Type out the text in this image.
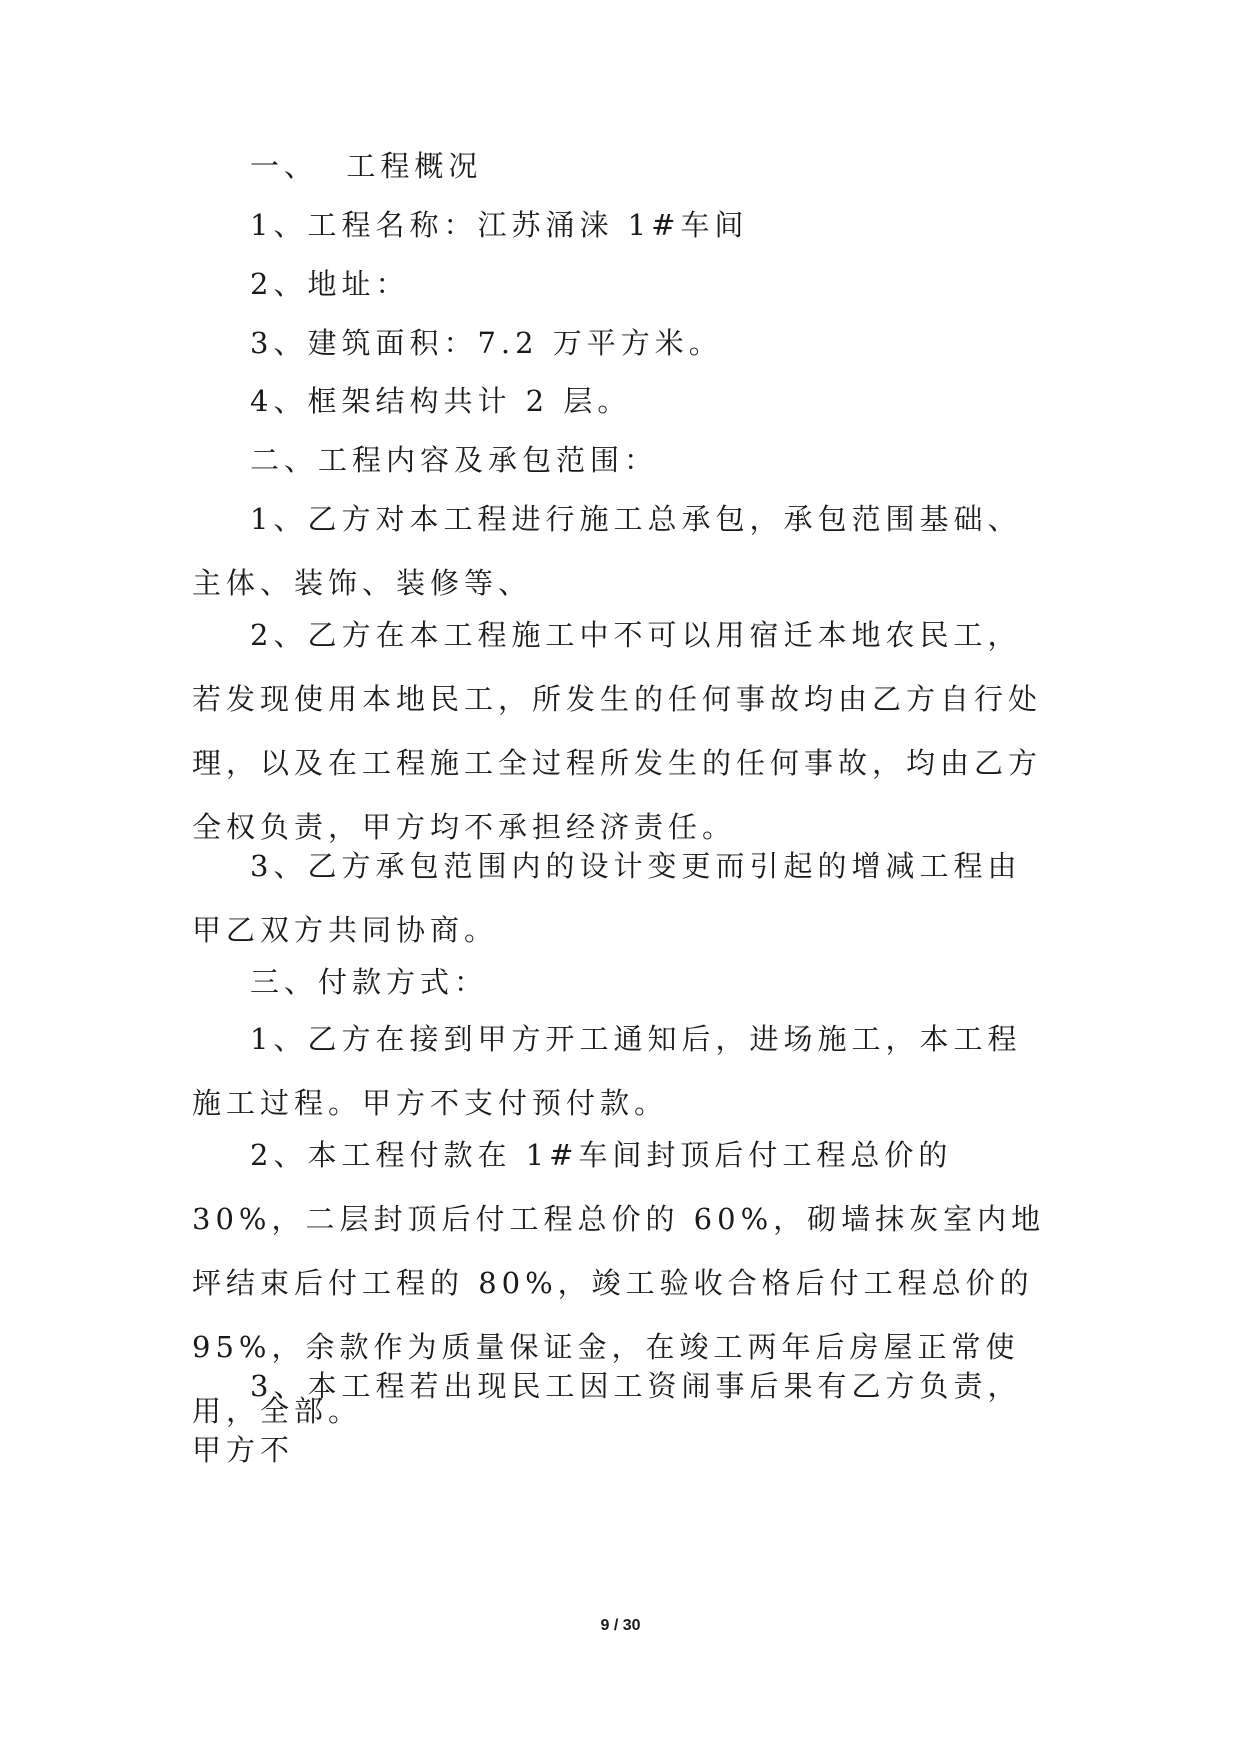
一、  工程概况

1、工程名称：江苏涌涞 1#车间

2、地址：

3、建筑面积：7.2 万平方米。

4、框架结构共计 2 层。

二、工程内容及承包范围：

1、乙方对本工程进行施工总承包，承包范围基础、主体、装饰、装修等、

2、乙方在本工程施工中不可以用宿迁本地农民工，若发现使用本地民工，所发生的任何事故均由乙方自行处理，以及在工程施工全过程所发生的任何事故，均由乙方全权负责，甲方均不承担经济责任。

3、乙方承包范围内的设计变更而引起的增减工程由甲乙双方共同协商。

三、付款方式：

1、乙方在接到甲方开工通知后，进场施工，本工程施工过程。甲方不支付预付款。

2、本工程付款在 1#车间封顶后付工程总价的 30%，二层封顶后付工程总价的 60%，砌墙抹灰室内地坪结束后付工程的 80%，竣工验收合格后付工程总价的 95%，余款作为质量保证金，在竣工两年后房屋正常使用，全部。

3、本工程若出现民工因工资闹事后果有乙方负责，甲方不

9 / 30
